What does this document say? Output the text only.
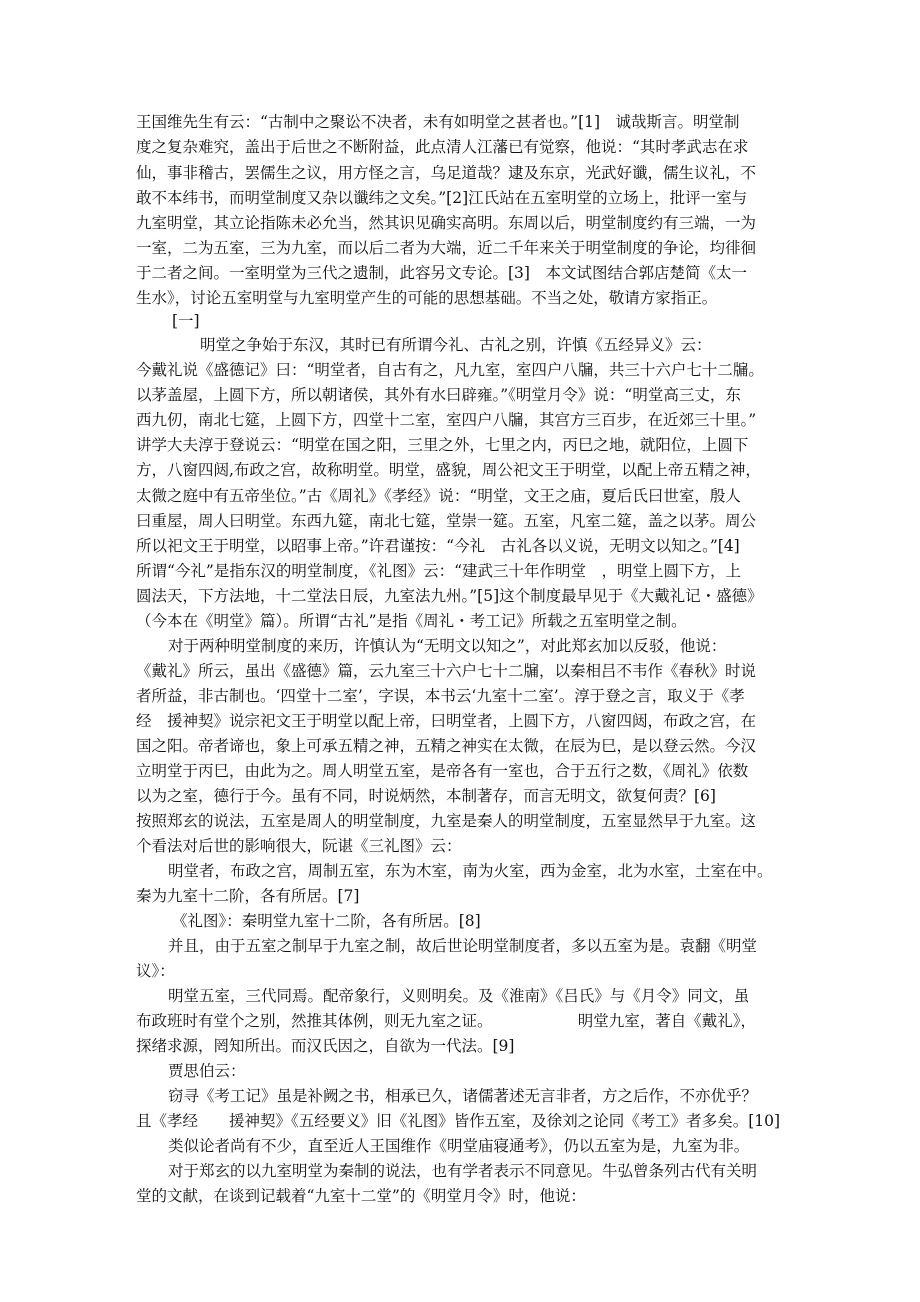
王国维先生有云：“古制中之聚讼不决者，未有如明堂之甚者也。”[1]　诚哉斯言。明堂制
度之复杂难究，盖出于后世之不断附益，此点清人江藩已有觉察，他说：“其时孝武志在求
仙，事非稽古，罢儒生之议，用方怪之言，乌足道哉？逮及东京，光武好谶，儒生议礼，不
敢不本纬书，而明堂制度又杂以谶纬之文矣。”[2]江氏站在五室明堂的立场上，批评一室与
九室明堂，其立论指陈未必允当，然其识见确实高明。东周以后，明堂制度约有三端，一为
一室，二为五室，三为九室，而以后二者为大端，近二千年来关于明堂制度的争论，均徘徊
于二者之间。一室明堂为三代之遗制，此容另文专论。[3]　本文试图结合郭店楚简《太一
生水》，讨论五室明堂与九室明堂产生的可能的思想基础。不当之处，敬请方家指正。
[一]
明堂之争始于东汉，其时已有所谓今礼、古礼之别，许慎《五经异义》云：
今戴礼说《盛德记》曰：“明堂者，自古有之，凡九室，室四户八牖，共三十六户七十二牖。
以茅盖屋，上圆下方，所以朝诸侯，其外有水曰辟雍。”《明堂月令》说：“明堂高三丈，东
西九仞，南北七筵，上圆下方，四堂十二室，室四户八牖，其宫方三百步，在近郊三十里。”
讲学大夫淳于登说云：“明堂在国之阳，三里之外，七里之内，丙巳之地，就阳位，上圆下
方，八窗四闼,布政之宫，故称明堂。明堂，盛貌，周公祀文王于明堂，以配上帝五精之神，
太微之庭中有五帝坐位。”古《周礼》《孝经》说：“明堂，文王之庙，夏后氏曰世室，殷人
曰重屋，周人曰明堂。东西九筵，南北七筵，堂崇一筵。五室，凡室二筵，盖之以茅。周公
所以祀文王于明堂，以昭事上帝。”许君谨按：“今礼　古礼各以义说，无明文以知之。”[4]
所谓“今礼”是指东汉的明堂制度，《礼图》云：“建武三十年作明堂　，明堂上圆下方，上
圆法天，下方法地，十二堂法日辰，九室法九州。”[5]这个制度最早见于《大戴礼记・盛德》
（今本在《明堂》篇）。所谓“古礼”是指《周礼・考工记》所载之五室明堂之制。
对于两种明堂制度的来历，许慎认为“无明文以知之”，对此郑玄加以反驳，他说：
《戴礼》所云，虽出《盛德》篇，云九室三十六户七十二牖，以秦相吕不韦作《春秋》时说
者所益，非古制也。‘四堂十二室’，字误，本书云‘九室十二室’。淳于登之言，取义于《孝
经　援神契》说宗祀文王于明堂以配上帝，曰明堂者，上圆下方，八窗四闼，布政之宫，在
国之阳。帝者谛也，象上可承五精之神，五精之神实在太微，在辰为巳，是以登云然。今汉
立明堂于丙巳，由此为之。周人明堂五室，是帝各有一室也，合于五行之数，《周礼》依数
以为之室，德行于今。虽有不同，时说炳然，本制著存，而言无明文，欲复何责？[6]
按照郑玄的说法，五室是周人的明堂制度，九室是秦人的明堂制度，五室显然早于九室。这
个看法对后世的影响很大，阮谌《三礼图》云：
明堂者，布政之宫，周制五室，东为木室，南为火室，西为金室，北为水室，土室在中。
秦为九室十二阶，各有所居。[7]
《礼图》：秦明堂九室十二阶，各有所居。[8]
并且，由于五室之制早于九室之制，故后世论明堂制度者，多以五室为是。袁翻《明堂
议》：
明堂五室，三代同焉。配帝象行，义则明矣。及《淮南》《吕氏》与《月令》同文，虽
布政班时有堂个之别，然推其体例，则无九室之证。　　　　　　明堂九室，著自《戴礼》，
探绪求源，罔知所出。而汉氏因之，自欲为一代法。[9]
贾思伯云：
窃寻《考工记》虽是补阙之书，相承已久，诸儒著述无言非者，方之后作，不亦优乎？
且《孝经　　援神契》《五经要义》旧《礼图》皆作五室，及徐刘之论同《考工》者多矣。[10]
类似论者尚有不少，直至近人王国维作《明堂庙寝通考》，仍以五室为是，九室为非。
对于郑玄的以九室明堂为秦制的说法，也有学者表示不同意见。牛弘曾条列古代有关明
堂的文献，在谈到记载着“九室十二堂”的《明堂月令》时，他说：
